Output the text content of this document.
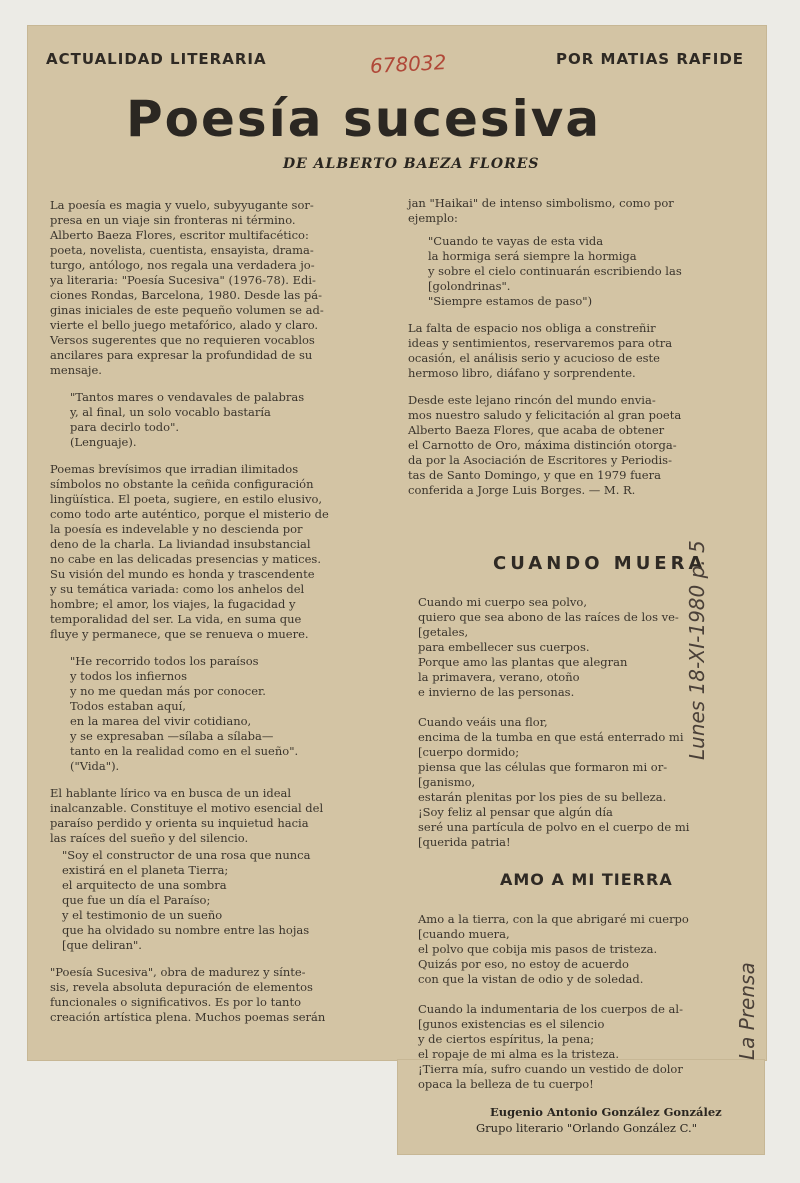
ACTUALIDAD LITERARIA	POR MATIAS RAFIDE
678032
Poesía sucesiva
DE ALBERTO BAEZA FLORES
La poesía es magia y vuelo, subyyugante sor-
presa en un viaje sin fronteras ni término.
Alberto Baeza Flores, escritor multifacético:
poeta, novelista, cuentista, ensayista, drama-
turgo, antólogo, nos regala una verdadera jo-
ya literaria: "Poesía Sucesiva" (1976-78). Edi-
ciones Rondas, Barcelona, 1980. Desde las pá-
ginas iniciales de este pequeño volumen se ad-
vierte el bello juego metafórico, alado y claro.
Versos sugerentes que no requieren vocablos
ancilares para expresar la profundidad de su
mensaje.
"Tantos mares o vendavales de palabras
y, al final, un solo vocablo bastaría
para decirlo todo".
(Lenguaje).
Poemas brevísimos que irradian ilimitados
símbolos no obstante la ceñida configuración
lingüística. El poeta, sugiere, en estilo elusivo,
como todo arte auténtico, porque el misterio de
la poesía es indevelable y no descienda por
deno de la charla. La liviandad insubstancial
no cabe en las delicadas presencias y matices.
Su visión del mundo es honda y trascendente
y su temática variada: como los anhelos del
hombre; el amor, los viajes, la fugacidad y
temporalidad del ser. La vida, en suma que
fluye y permanece, que se renueva o muere.
"He recorrido todos los paraísos
y todos los infiernos
y no me quedan más por conocer.
Todos estaban aquí,
en la marea del vivir cotidiano,
y se expresaban —sílaba a sílaba—
tanto en la realidad como en el sueño".
("Vida").
El hablante lírico va en busca de un ideal
inalcanzable. Constituye el motivo esencial del
paraíso perdido y orienta su inquietud hacia
las raíces del sueño y del silencio.
"Soy el constructor de una rosa que nunca
existirá en el planeta Tierra;
el arquitecto de una sombra
que fue un día el Paraíso;
y el testimonio de un sueño
que ha olvidado su nombre entre las hojas
[que deliran".
"Poesía Sucesiva", obra de madurez y sínte-
sis, revela absoluta depuración de elementos
funcionales o significativos. Es por lo tanto
creación artística plena. Muchos poemas serán
jan "Haikai" de intenso simbolismo, como por
ejemplo:
"Cuando te vayas de esta vida
la hormiga será siempre la hormiga
y sobre el cielo continuarán escribiendo las
[golondrinas".
"Siempre estamos de paso")
La falta de espacio nos obliga a constreñir
ideas y sentimientos, reservaremos para otra
ocasión, el análisis serio y acucioso de este
hermoso libro, diáfano y sorprendente.
Desde este lejano rincón del mundo envia-
mos nuestro saludo y felicitación al gran poeta
Alberto Baeza Flores, que acaba de obtener
el Carnotto de Oro, máxima distinción otorga-
da por la Asociación de Escritores y Periodis-
tas de Santo Domingo, y que en 1979 fuera
conferida a Jorge Luis Borges. — M. R.
CUANDO MUERA
Cuando mi cuerpo sea polvo,
quiero que sea abono de las raíces de los ve-
[getales,
para embellecer sus cuerpos.
Porque amo las plantas que alegran
la primavera, verano, otoño
e invierno de las personas.

Cuando veáis una flor,
encima de la tumba en que está enterrado mi
[cuerpo dormido;
piensa que las células que formaron mi or-
[ganismo,
estarán plenitas por los pies de su belleza.
¡Soy feliz al pensar que algún día
seré una partícula de polvo en el cuerpo de mi
[querida patria!
AMO A MI TIERRA
Amo a la tierra, con la que abrigaré mi cuerpo
[cuando muera,
el polvo que cobija mis pasos de tristeza.
Quizás por eso, no estoy de acuerdo
con que la vistan de odio y de soledad.

Cuando la indumentaria de los cuerpos de al-
[gunos existencias es el silencio
y de ciertos espíritus, la pena;
el ropaje de mi alma es la tristeza.
¡Tierra mía, sufro cuando un vestido de dolor
opaca la belleza de tu cuerpo!
Eugenio Antonio González González
Grupo literario "Orlando González C."
Lunes 18-XI-1980 p. 5
La Prensa
